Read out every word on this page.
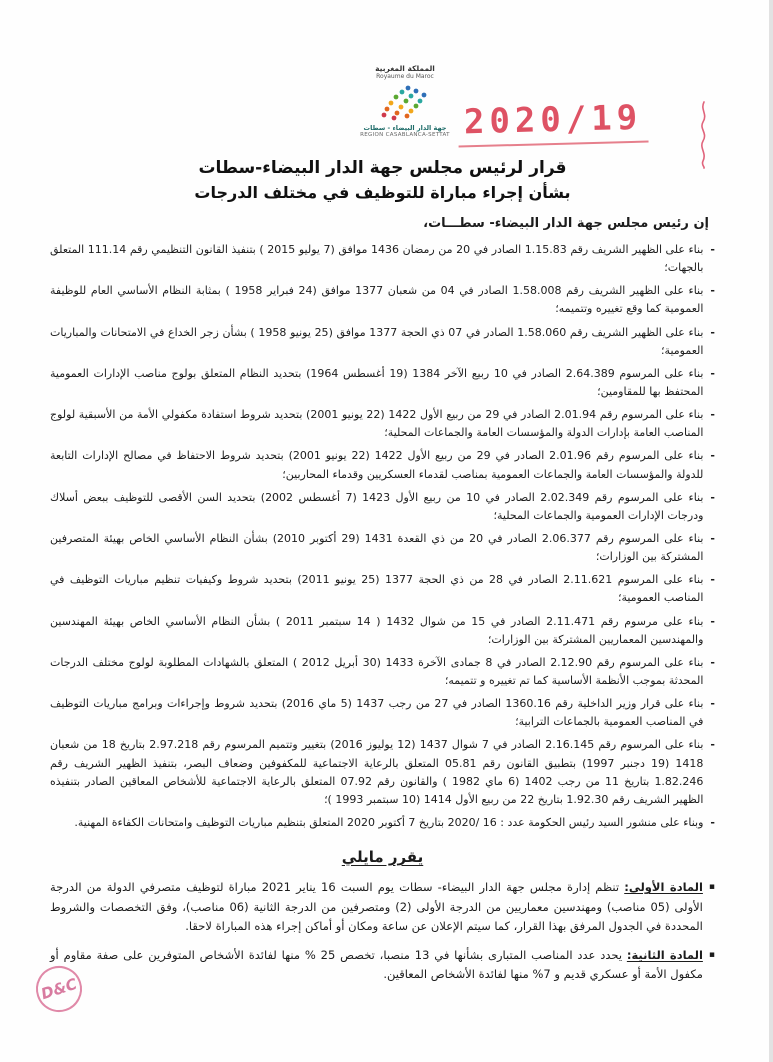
المملكة المغربية
Royaume du Maroc
جهة الدار البيضاء - سطات
REGION CASABLANCA-SETTAT 2020/19
قرار لرئيس مجلس جهة الدار البيضاء-سطات
بشأن إجراء مباراة للتوظيف في مختلف الدرجات
إن رئيس مجلس جهة الدار البيضاء- سطـــات،
-
بناء على الظهير الشريف رقم 1.15.83 الصادر في 20 من رمضان 1436 موافق (7 يوليو 2015 ) بتنفيذ القانون التنظيمي رقم 111.14 المتعلق بالجهات؛
-
بناء على الظهير الشريف رقم 1.58.008 الصادر في 04 من شعبان 1377 موافق (24 فبراير 1958 ) بمثابة النظام الأساسي العام للوظيفة العمومية كما وقع تغييره وتتميمه؛
-
بناء على الظهير الشريف رقم 1.58.060 الصادر في 07 ذي الحجة 1377 موافق (25 يونيو 1958 ) بشأن زجر الخداع في الامتحانات والمباريات العمومية؛
-
بناء على المرسوم 2.64.389 الصادر في 10 ربيع الآخر 1384 (19 أغسطس 1964) بتحديد النظام المتعلق بولوج مناصب الإدارات العمومية المحتفظ بها للمقاومين؛
-
بناء على المرسوم رقم 2.01.94 الصادر في 29 من ربيع الأول 1422 (22 يونيو 2001) بتحديد شروط استفادة مكفولي الأمة من الأسبقية لولوج المناصب العامة بإدارات الدولة والمؤسسات العامة والجماعات المحلية؛
-
بناء على المرسوم رقم 2.01.96 الصادر في 29 من ربيع الأول 1422 (22 يونيو 2001) بتحديد شروط الاحتفاظ في مصالح الإدارات التابعة للدولة والمؤسسات العامة والجماعات العمومية بمناصب لقدماء العسكريين وقدماء المحاربين؛
-
بناء على المرسوم رقم 2.02.349 الصادر في 10 من ربيع الأول 1423 (7 أغسطس 2002) بتحديد السن الأقصى للتوظيف ببعض أسلاك ودرجات الإدارات العمومية والجماعات المحلية؛
-
بناء على المرسوم رقم 2.06.377 الصادر في 20 من ذي القعدة 1431 (29 أكتوبر 2010) بشأن النظام الأساسي الخاص بهيئة المتصرفين المشتركة بين الوزارات؛
-
بناء على المرسوم 2.11.621 الصادر في 28 من ذي الحجة 1377 (25 يونيو 2011) بتحديد شروط وكيفيات تنظيم مباريات التوظيف في المناصب العمومية؛
-
بناء على مرسوم رقم 2.11.471 الصادر في 15 من شوال 1432 ( 14 سبتمبر 2011 ) بشأن النظام الأساسي الخاص بهيئة المهندسين والمهندسين المعماريين المشتركة بين الوزارات؛
-
بناء على المرسوم رقم 2.12.90 الصادر في 8 جمادى الآخرة 1433 (30 أبريل 2012 ) المتعلق بالشهادات المطلوبة لولوج مختلف الدرجات المحدثة بموجب الأنظمة الأساسية كما تم تغييره و تتميمه؛
-
بناء على قرار وزير الداخلية رقم 1360.16 الصادر في 27 من رجب 1437 (5 ماي 2016) بتحديد شروط وإجراءات وبرامج مباريات التوظيف في المناصب العمومية بالجماعات الترابية؛
-
بناء على المرسوم رقم 2.16.145 الصادر في 7 شوال 1437 (12 يوليوز 2016) بتغيير وتتميم المرسوم رقم 2.97.218 بتاريخ 18 من شعبان 1418 (19 دجنبر 1997) بتطبيق القانون رقم 05.81 المتعلق بالرعاية الاجتماعية للمكفوفين وضعاف البصر، بتنفيذ الظهير الشريف رقم 1.82.246 بتاريخ 11 من رجب 1402 (6 ماي 1982 ) والقانون رقم 07.92 المتعلق بالرعاية الاجتماعية للأشخاص المعاقين الصادر بتنفيذه الظهير الشريف رقم 1.92.30 بتاريخ 22 من ربيع الأول 1414 (10 سبتمبر 1993 )؛
-
وبناء على منشور السيد رئيس الحكومة عدد : 16 /2020 بتاريخ 7 أكتوبر 2020 المتعلق بتنظيم مباريات التوظيف وامتحانات الكفاءة المهنية.
يقرر مايلي
▪
المادة الأولى: تنظم إدارة مجلس جهة الدار البيضاء- سطات يوم السبت 16 يناير 2021 مباراة لتوظيف متصرفي الدولة من الدرجة الأولى (05 مناصب) ومهندسين معماريين من الدرجة الأولى (2) ومتصرفين من الدرجة الثانية (06 مناصب)، وفق التخصصات والشروط المحددة في الجدول المرفق بهذا القرار، كما سيتم الإعلان عن ساعة ومكان أو أماكن إجراء هذه المباراة لاحقا.
▪
المادة الثانية: يحدد عدد المناصب المتبارى بشأنها في 13 منصبا، تخصص 25 % منها لفائدة الأشخاص المتوفرين على صفة مقاوم أو مكفول الأمة أو عسكري قديم و 7% منها لفائدة الأشخاص المعاقين.
D&C
